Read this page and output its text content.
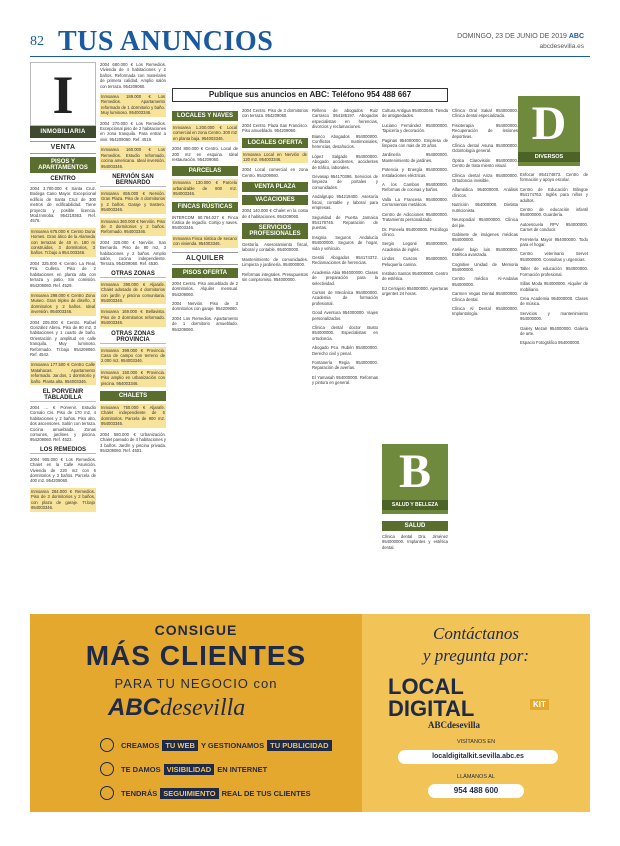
82 TUS ANUNCIOS	DOMINGO, 23 DE JUNIO DE 2019 ABC
abcdesevilla.es
I
INMOBILIARIA
VENTA
PISOS Y APARTAMENTOS
CENTRO
2004 3.700.000 € Santa Cruz. Bodega Cano Mayor. Excepcional edificio de Santa Cruz de 300 metros de edificabilidad. Tiene proyecto y posible licencia. Mod.Inmoba: 954219363. Ref. 4576.
Inmoarea 675.000 € Centro Duna Homes. Gran ático de la Alameda con terrazas de 40 m. 180 m construidos, 3 dormitorios, 3 baños. Tr.bajo a 954.003346.
2004 325.000 € Centro La Real, Pza. Cullera. Piso de 2 habitaciones en planta alta con terraza y patio. Sin comisión. 954209060. Ref. 4529.
Inmoarea 298.000 € Centro Zona Museo. Gran triplex de diseño, 3 dormitorios y 2 baños. Ideal inversión. 954003346.
2004 205.000 € Centro. Rafael González Abreu. Piso de 90 m2, 3 habitaciones y 1 cuarto de baño. Orientación y amplitud en calle tranquila. Muy luminoso. Reformado. Tr.bajo 954209060. Ref. 4542.
Inmoarea 177.500 € Centro Calle Matahacas. Apartamento reformado. Jar.dos, 1 dormitorio y baño. Planta alta. 954003346.
EL PORVENIR TABLADILLA
2004 ... € Porvenir. Estudio Cornalo Cis. Piso de 170 m2, 4 habitaciones y 2 baños. Piso alto, dos ascensores. Salón con terraza. Cocina amueblada. Zonas comunes, jardines y piscina. 954209060. Ref. 4522.
LOS REMEDIOS
2004 905.000 € Los Remedios. Chalet en la Calle Asunción. Vivienda de 220 m2 con 6 dormitorios y 3 baños. Parcela de 400 m2. 954209060.
Inmoarea 284.000 € Remedios. Piso de 3 dormitorios y 2 baños, con plaza de garaje. Tr.bajo 954003346.
2004 680.000 € Los Remedios. Vivienda de 4 habitaciones y 2 baños. Reformada con materiales de primera calidad. Amplio salón con terraza. 954209060.
Inmoarea 189.000 € Los Remedios. Apartamento reformado de 1 dormitorio y baño. Muy luminoso. 954003346.
2004 270.000 € Los Remedios. Excepcional piso de 2 habitaciones en zona tranquila. Para entrar a vivir. 954209060. Ref. 4519.
Inmoarea 160.000 € Los Remedios. Estudio reformado, cocina americana. Ideal inversión. 954003346.
NERVIÓN SAN BERNARDO
Inmoarea 655.000 € Nervión. Gran Plaza. Piso de 4 dormitorios y 2 baños. Garaje y trastero. 954003346.
Inmoarea 360.000 € Nervión. Piso de 3 dormitorios y 2 baños. Reformado. 954003346.
2004 325.000 € Nervión. San Bernardo. Piso de 90 m2, 3 habitaciones y 2 baños. Amplio salón, cocina independiente. Terraza. 954209060. Ref. 4530.
OTRAS ZONAS
Inmoarea 390.000 € Aljarafe. Chalet adosado de 4 dormitorios con jardín y piscina comunitaria. 954003346.
Inmoarea 169.000 € Bellavista. Piso de 3 dormitorios reformado. 954003346.
OTRAS ZONAS PROVINCIA
Inmoarea 399.000 € Provincia. Casa de campo con terreno de 2.000 m2. 954003346.
Inmoarea 150.000 € Provincia. Piso amplio en urbanización con piscina. 954003346.
CHALETS
Inmoarea 750.000 € Aljarafe. Chalet independiente de 5 dormitorios. Parcela de 900 m2. 954003346.
2004 580.000 € Urbanización. Chalet pareado de 4 habitaciones y 3 baños. Jardín y piscina privada. 954209060. Ref. 4501.
Publique sus anuncios en ABC: Teléfono 954 488 667
LOCALES Y NAVES
Inmoarea 1.200.000 € Local comercial en zona Centro. 300 m2 en planta baja. 954003346.
2004 800.000 € Centro. Local de 200 m2 en esquina. Ideal restauración. 954209060.
PARCELAS
Inmoarea 130.000 € Parcela urbanizable de 800 m2. 954003346.
FINCAS RÚSTICAS
INTERCOM 60.764.027 € Finca rústica de regadío. Cortijo y naves. 954003346.
Inmoarea Finca rústica de secano con vivienda. 954003346.
ALQUILER
PISOS OFERTA
2004 Centro. Piso amueblado de 2 dormitorios. Alquiler mensual. 954209060.
2004 Nervión. Piso de 3 dormitorios con garaje. 954209060.
2004 Los Remedios. Apartamento de 1 dormitorio amueblado. 954209060.
2004 Centro. Piso de 3 dormitorios con terraza. 954209060.
2004 Centro. Plaza San Francisco. Piso amueblado. 954209060.
LOCALES OFERTA
Inmoarea Local en Nervión de 120 m2. 954003346.
2004 Local comercial en zona Centro. 954209060.
VENTA PLAZA
VACACIONES
2004 140.000 € Chalet en la costa de 4 habitaciones. 954209060.
SERVICIOS PROFESIONALES
Gestoría. Asesoramiento fiscal, laboral y contable. 954000000.
Mantenimiento de comunidades. Limpieza y jardinería. 954000000.
Reformas integrales. Presupuestos sin compromiso. 954000000.
Relleno de abogados Ruiz Carrasco 954185197. Abogados especialistas en herencias, divorcios y reclamaciones.
Bianco Abogados 954000000. Conflictos matrimoniales, herencias, desahucios.
López Salgado 954000000. Abogado accidentes, accidentes de tráfico, laborales.
Gevasap 954170396. Servicios de limpieza de portales y comunidades.
Andalgrupo 954219400. Asesoría fiscal, contable y laboral para empresas.
Seguridad de Puerta Jamaica 954178745. Reparación de puertas.
Insignia Seguros Andalucía 954000000. Seguros de hogar, vida y vehículo.
Gestió Abogados 954174372. Reclamaciones de herencias.
Academia Abia 954000000. Clases de preparación para la selectividad.
Cursos de Mecánica 954000000. Academia de formación profesional.
Good Aventura 954000000. Viajes personalizados.
Clínica dental doctor Busto 954000000. Especialistas en ortodoncia.
Abogado Pco. Rubén 954000000. Derecho civil y penal.
Fontanería Regia 954000000. Reparación de averías.
El Yamasah 954000000. Reformas y pintura en general.
Cultura Antigua 954003046. Tienda de antigüedades.
Luciano Fernández 954000000. Tapicería y decoración.
Paginas 954000000. Empresa de limpieza con más de 20 años.
Jardinería 954000000. Mantenimiento de jardines.
Potencia y Energía 954000000. Instalaciones eléctricas.
A los Cambos 954000000. Reformas de cocinas y baños.
Valla La Francesa 954000000. Cerramientos metálicos.
Centro de Adicciones 954000000. Tratamiento personalizado.
Dr. Poneela 954000000. Psicólogo clínico.
Sergio Legoné 954000000. Academia de inglés.
Lindos Cuscos 954000000. Peluquería canina.
Instituto Santos 954000000. Centro de estética.
EJ Cerrajero 954000000. Aperturas urgentes 24 horas.
B
SALUD Y BELLEZA
SALUD
Clínica dental Dra. Jiménez 954000000. Implantes y estética dental.
Clínica Oral Sakal 954000000. Clínica dental especializada.
Fisioterapia 954000000. Recuperación de lesiones deportivas.
Clínica dental Asuna 954000000. Odontología general.
Óptica Clarovisión 954000000. Centro de trata miento visual.
Clínica dental Ariza 954000000. Ortodoncia invisible.
Alfamédica 954000000. Análisis clínicos.
Nutrición 954000000. Dietista nutricionista.
Neuropodial 954000000. Clínica del pie.
Gabinete de imágenes médicas 954000000.
Atelier bajo luis 954000000. Estética avanzada.
Cognitive Unidad de Memoria 954000000.
Centro médico Al-Andalus 954000000.
Carmen Vegas Dental 954000000. Clínica dental.
Clínica Al Dental 954000000. Implantología.
D
DIVERSOS
Enfocar 954174873. Centro de formación y apoyo escolar.
Centro de Educación Bilingüe 954174763. Inglés para niños y adultos.
Centro de educación infantil 954000000. Guardería.
Autoescuela RPV 954000000. Carnet de conducir.
Ferretería Mayor 954000000. Todo para el hogar.
Centro veterinario Servet 954000000. Consultas y urgencias.
Taller de educación 954000000. Formación profesional.
Sillas Moda 954000000. Alquiler de mobiliario.
Crea Academia 954000000. Clases de música.
Servicios y mantenimiento 954000000.
Galery Mezan 954000000. Galería de arte.
Espacio Fotográfico 954000000.
CONSIGUE
MÁS CLIENTES
PARA TU NEGOCIO con
ABCdesevilla
CREAMOS TU WEB Y GESTIONAMOS TU PUBLICIDAD
TE DAMOS VISIBILIDAD EN INTERNET
TENDRÁS SEGUIMIENTO REAL DE TUS CLIENTES
Contáctanos
y pregunta por:
LOCAL
DIGITAL	KIT
ABCdesevilla
VISÍTANOS EN
localdigitalkit.sevilla.abc.es
LLÁMANOS AL
954 488 600
